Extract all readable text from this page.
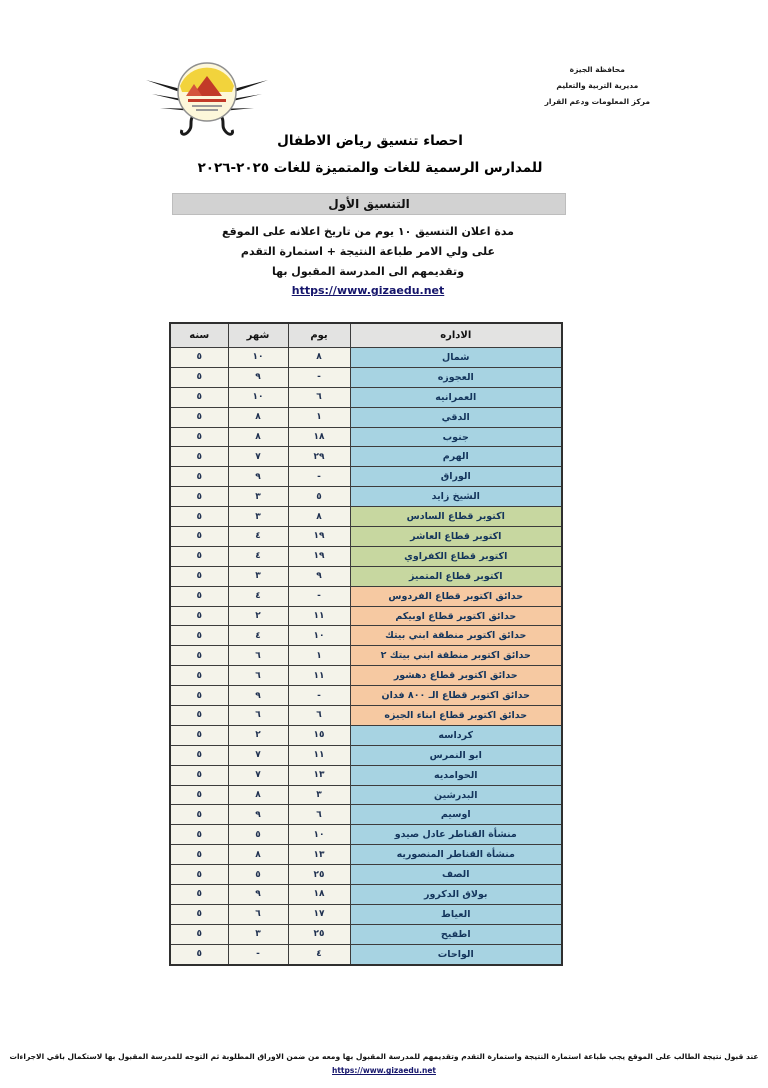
محافظة الجيزة
مديرية التربية والتعليم
مركز المعلومات ودعم القرار
احصاء تنسيق رياض الاطفال
للمدارس الرسمية للغات والمتميزة للغات ٢٠٢٥-٢٠٢٦
التنسيق الأول
مدة اعلان التنسيق ١٠ يوم من تاريخ اعلانه على الموقع
على ولي الامر طباعة النتيجة + استمارة التقدم
وتقديمهم الى المدرسة المقبول بها
https://www.gizaedu.net
الاداره	يوم	شهر	سنه
شمال	٨	١٠	٥
العجوزه	-	٩	٥
العمرانيه	٦	١٠	٥
الدقي	١	٨	٥
جنوب	١٨	٨	٥
الهرم	٢٩	٧	٥
الوراق	-	٩	٥
الشيخ زايد	٥	٣	٥
اكتوبر قطاع السادس	٨	٣	٥
اكتوبر قطاع العاشر	١٩	٤	٥
اكتوبر قطاع الكفراوي	١٩	٤	٥
اكتوبر قطاع المتميز	٩	٣	٥
حدائق اكتوبر قطاع الفردوس	-	٤	٥
حدائق اكتوبر قطاع اوبيكم	١١	٢	٥
حدائق اكتوبر منطقة ابني بيتك	١٠	٤	٥
حدائق اكتوبر منطقة ابني بيتك ٢	١	٦	٥
حدائق اكتوبر قطاع دهشور	١١	٦	٥
حدائق اكتوبر قطاع الـ ٨٠٠ فدان	-	٩	٥
حدائق اكتوبر قطاع ابناء الجيزه	٦	٦	٥
كرداسه	١٥	٢	٥
ابو النمرس	١١	٧	٥
الحوامديه	١٣	٧	٥
البدرشين	٣	٨	٥
اوسيم	٦	٩	٥
منشأة القناطر عادل صيدو	١٠	٥	٥
منشأة القناطر المنصوريه	١٣	٨	٥
الصف	٢٥	٥	٥
بولاق الدكرور	١٨	٩	٥
العياط	١٧	٦	٥
اطفيح	٢٥	٣	٥
الواحات	٤	-	٥
عند قبول نتيجة الطالب على الموقع يجب طباعة استمارة النتيجة واستمارة التقدم وتقديمهم للمدرسة المقبول بها ومعه من ضمن الاوراق المطلوبة ثم التوجه للمدرسة المقبول بها لاستكمال باقي الاجراءات
https://www.gizaedu.net
